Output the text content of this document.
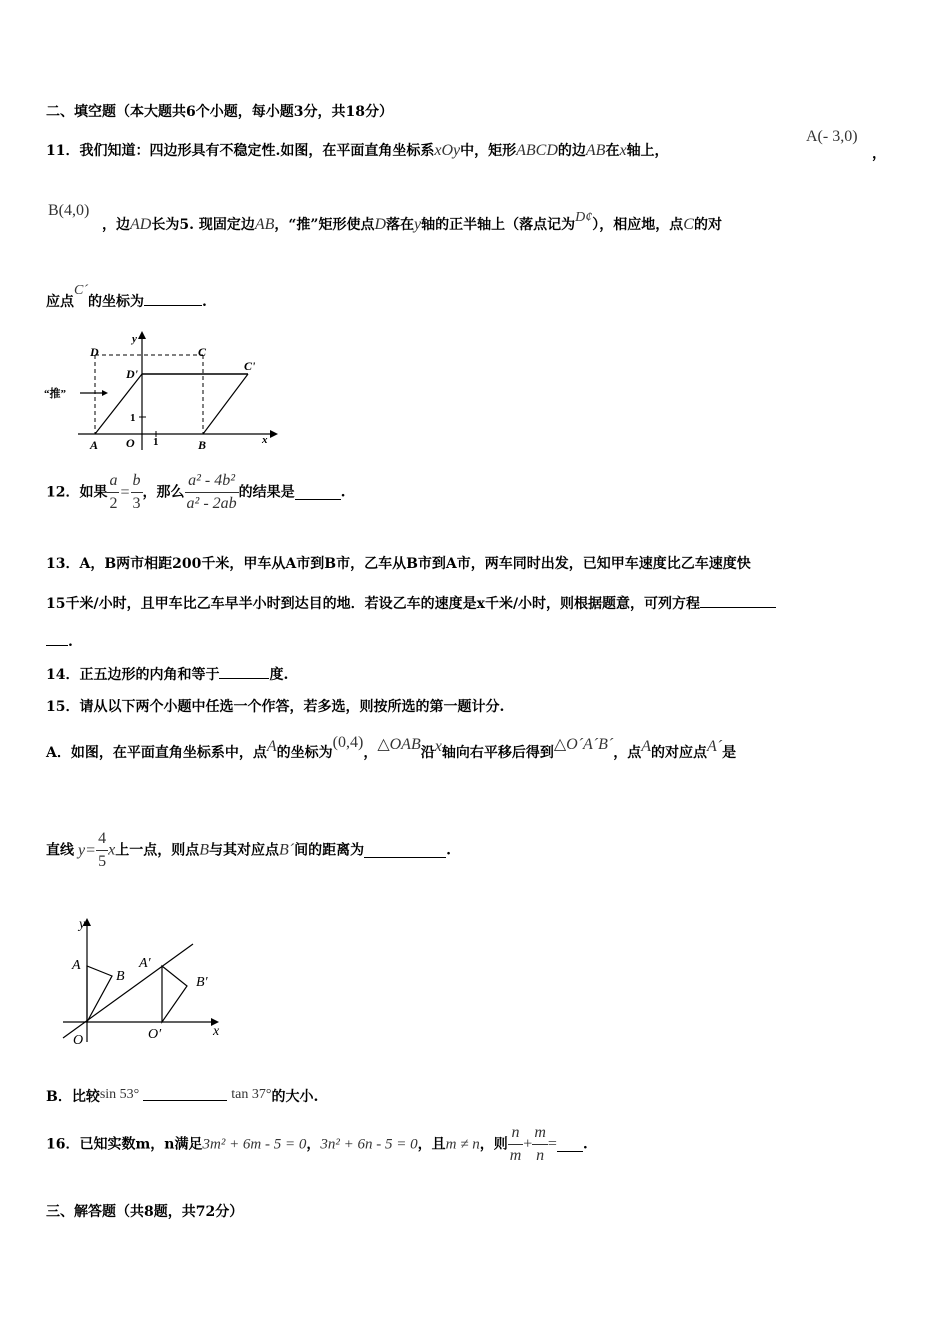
二、填空题（本大题共6个小题，每小题3分，共18分）
11．我们知道：四边形具有不稳定性.如图，在平面直角坐标系xOy中，矩形ABCD的边AB在x轴上，
A(- 3,0)
，
B(4,0)
，边AD长为5. 现固定边AB，“推”矩形使点D落在y轴的正半轴上（落点记为D¢），相应地，点C的对
应点C´的坐标为	.
D	C
D'
C'
“推”
1
A O 1	B	x
y
12．如果 $\frac{a}{2} = \frac{b}{3}$ ，那么 $\frac{\text{a² - 4b²}}{\text{a² - 2ab}}$ 的结果是	.
13．A，B两市相距200千米，甲车从A市到B市，乙车从B市到A市，两车同时出发，已知甲车速度比乙车速度快
15千米/小时，且甲车比乙车早半小时到达目的地．若设乙车的速度是x千米/小时，则根据题意，可列方程
.
14．正五边形的内角和等于	度.
15．请从以下两个小题中任选一个作答，若多选，则按所选的第一题计分.
A．如图，在平面直角坐标系中，点A的坐标为(0,4)，△OAB沿x轴向右平移后得到△O´A´B´，点A的对应点A´是
直线 $y= \frac{4}{5}$ x上一点，则点B与其对应点B´间的距离为	.
y
A
B
A′
B′
O	O′	x
B．比较sin 53°	tan 37°的大小.
16．已知实数m，n满足3m² + 6m - 5 = 0，3n² + 6n - 5 = 0，且m ≠ n，则 $\frac{n}{m} + \frac{m}{n}$ = .
三、解答题（共8题，共72分）
